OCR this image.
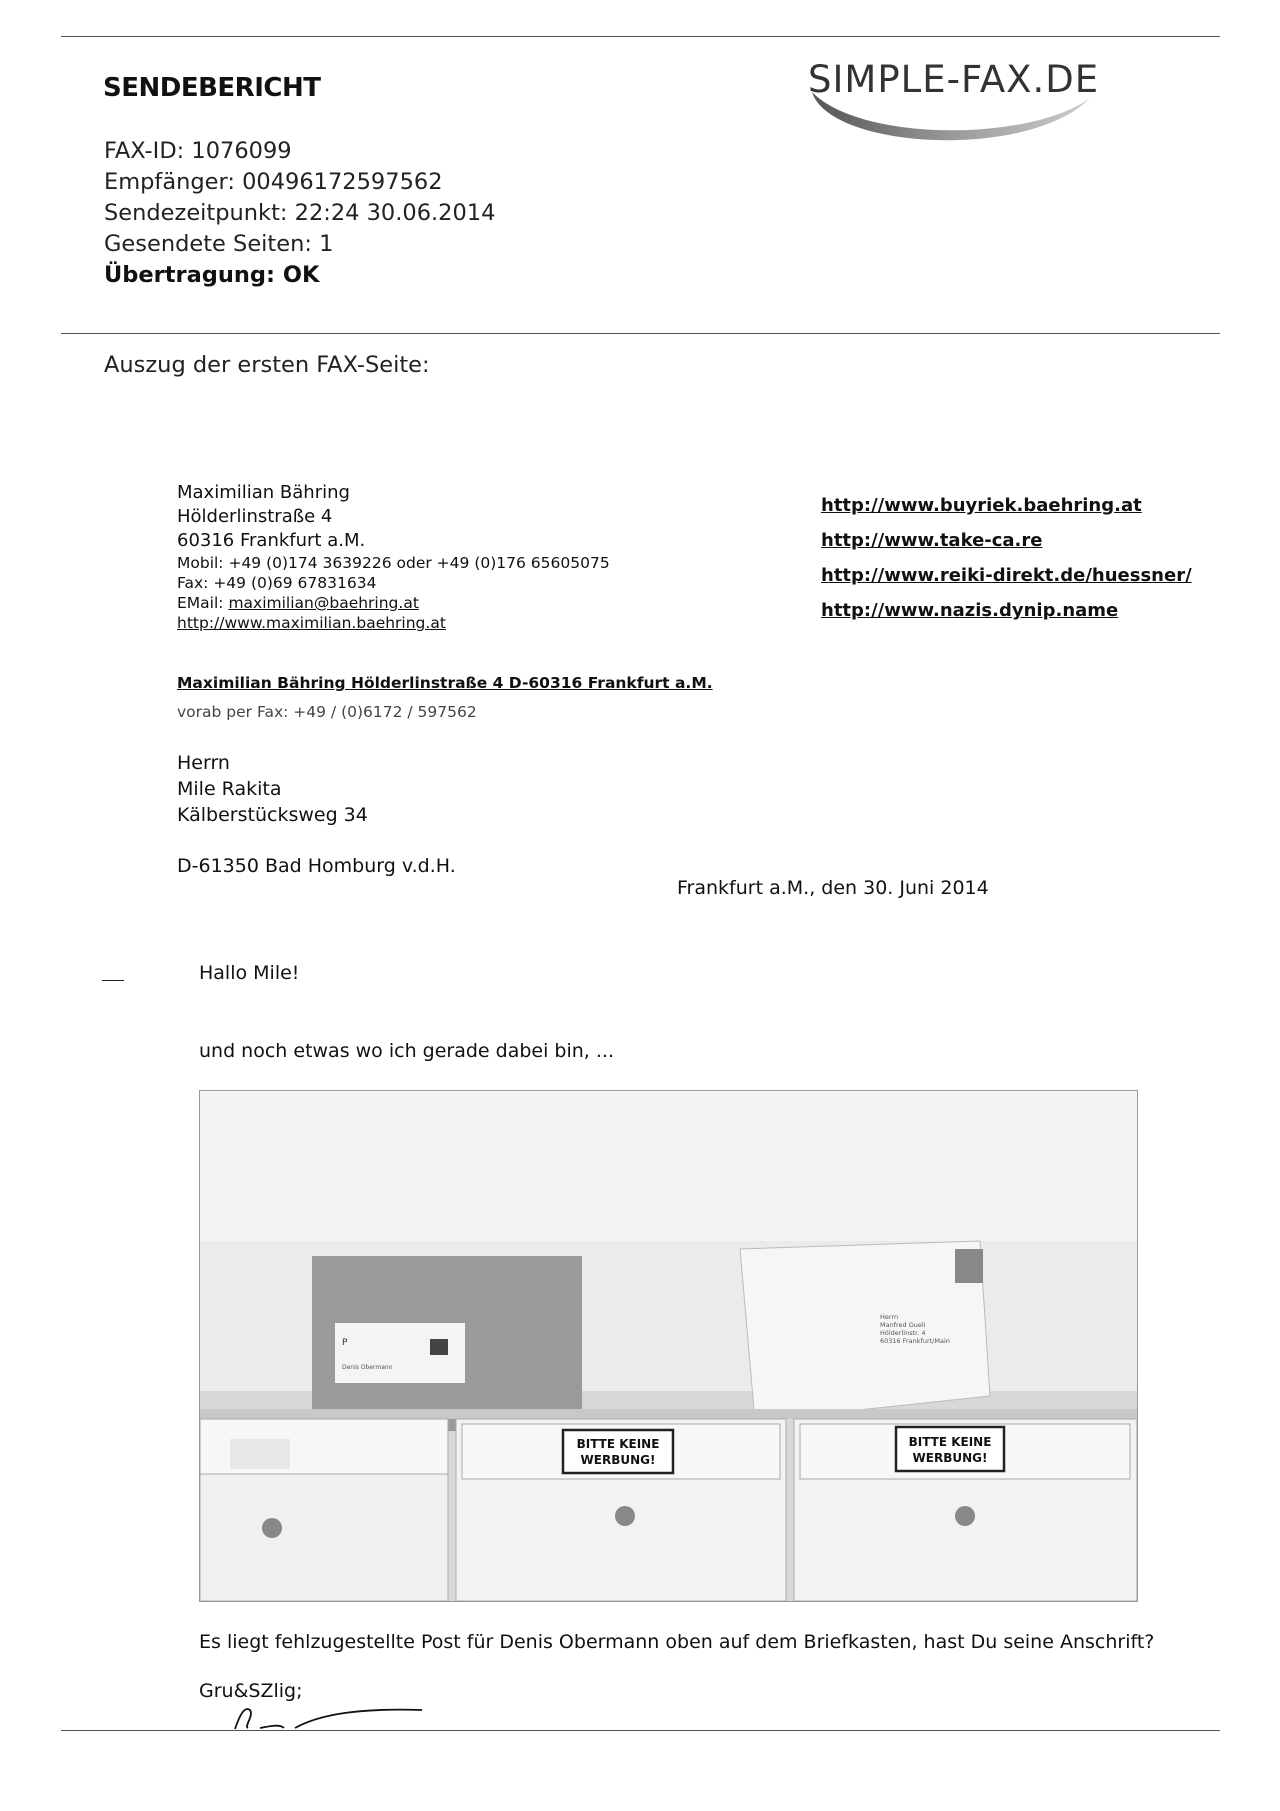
SENDEBERICHT
FAX-ID: 1076099
Empfänger: 00496172597562
Sendezeitpunkt: 22:24 30.06.2014
Gesendete Seiten: 1
Übertragung: OK
SIMPLE-FAX.DE
Auszug der ersten FAX-Seite:
Maximilian Bähring
Hölderlinstraße 4
60316 Frankfurt a.M.
Mobil: +49 (0)174 3639226 oder +49 (0)176 65605075
Fax: +49 (0)69 67831634
EMail: maximilian@baehring.at
http://www.maximilian.baehring.at
http://www.buyriek.baehring.at
http://www.take-ca.re
http://www.reiki-direkt.de/huessner/
http://www.nazis.dynip.name
Maximilian Bähring Hölderlinstraße 4 D-60316 Frankfurt a.M.
vorab per Fax: +49 / (0)6172 / 597562
Herrn
Mile Rakita
Kälberstücksweg 34
D-61350 Bad Homburg v.d.H.
Frankfurt a.M., den 30. Juni 2014
Hallo Mile!
und noch etwas wo ich gerade dabei bin, ...
P
Denis Obermann
Herrn
Manfred Gueli
Hölderlinstr. 4
60316 Frankfurt/Main
BITTE KEINE
WERBUNG!
BITTE KEINE
WERBUNG!
Es liegt fehlzugestellte Post für Denis Obermann oben auf dem Briefkasten, hast Du seine Anschrift?
Gru&SZlig;
